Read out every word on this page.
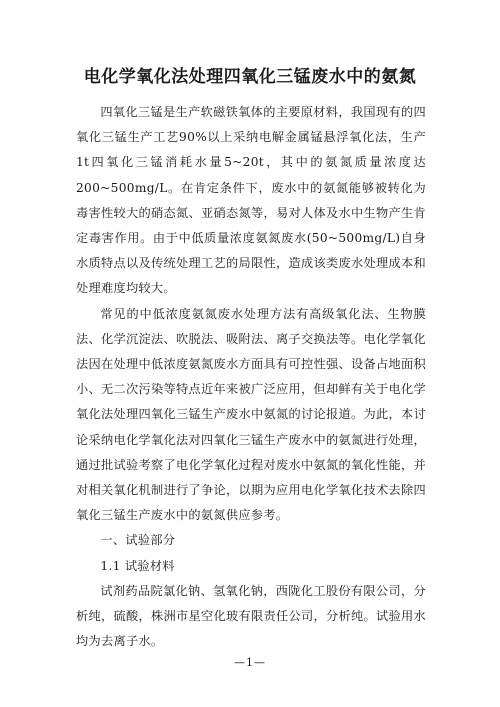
电化学氧化法处理四氧化三锰废水中的氨氮

四氧化三锰是生产软磁铁氧体的主要原材料，我国现有的四氧化三锰生产工艺90%以上采纳电解金属锰悬浮氧化法，生产1t四氧化三锰消耗水量5~20t，其中的氨氮质量浓度达200~500mg/L。在肯定条件下，废水中的氨氮能够被转化为毒害性较大的硝态氮、亚硝态氮等，易对人体及水中生物产生肯定毒害作用。由于中低质量浓度氨氮废水(50~500mg/L)自身水质特点以及传统处理工艺的局限性，造成该类废水处理成本和处理难度均较大。

常见的中低浓度氨氮废水处理方法有高级氧化法、生物膜法、化学沉淀法、吹脱法、吸附法、离子交换法等。电化学氧化法因在处理中低浓度氨氮废水方面具有可控性强、设备占地面积小、无二次污染等特点近年来被广泛应用，但却鲜有关于电化学氧化法处理四氧化三锰生产废水中氨氮的讨论报道。为此，本讨论采纳电化学氧化法对四氧化三锰生产废水中的氨氮进行处理，通过批试验考察了电化学氧化过程对废水中氨氮的氧化性能，并对相关氧化机制进行了争论，以期为应用电化学氧化技术去除四氧化三锰生产废水中的氨氮供应参考。

一、试验部分

1.1 试验材料

试剂药品院氯化钠、氢氧化钠，西陇化工股份有限公司，分析纯，硫酸，株洲市星空化玻有限责任公司，分析纯。试验用水均为去离子水。

—1—
